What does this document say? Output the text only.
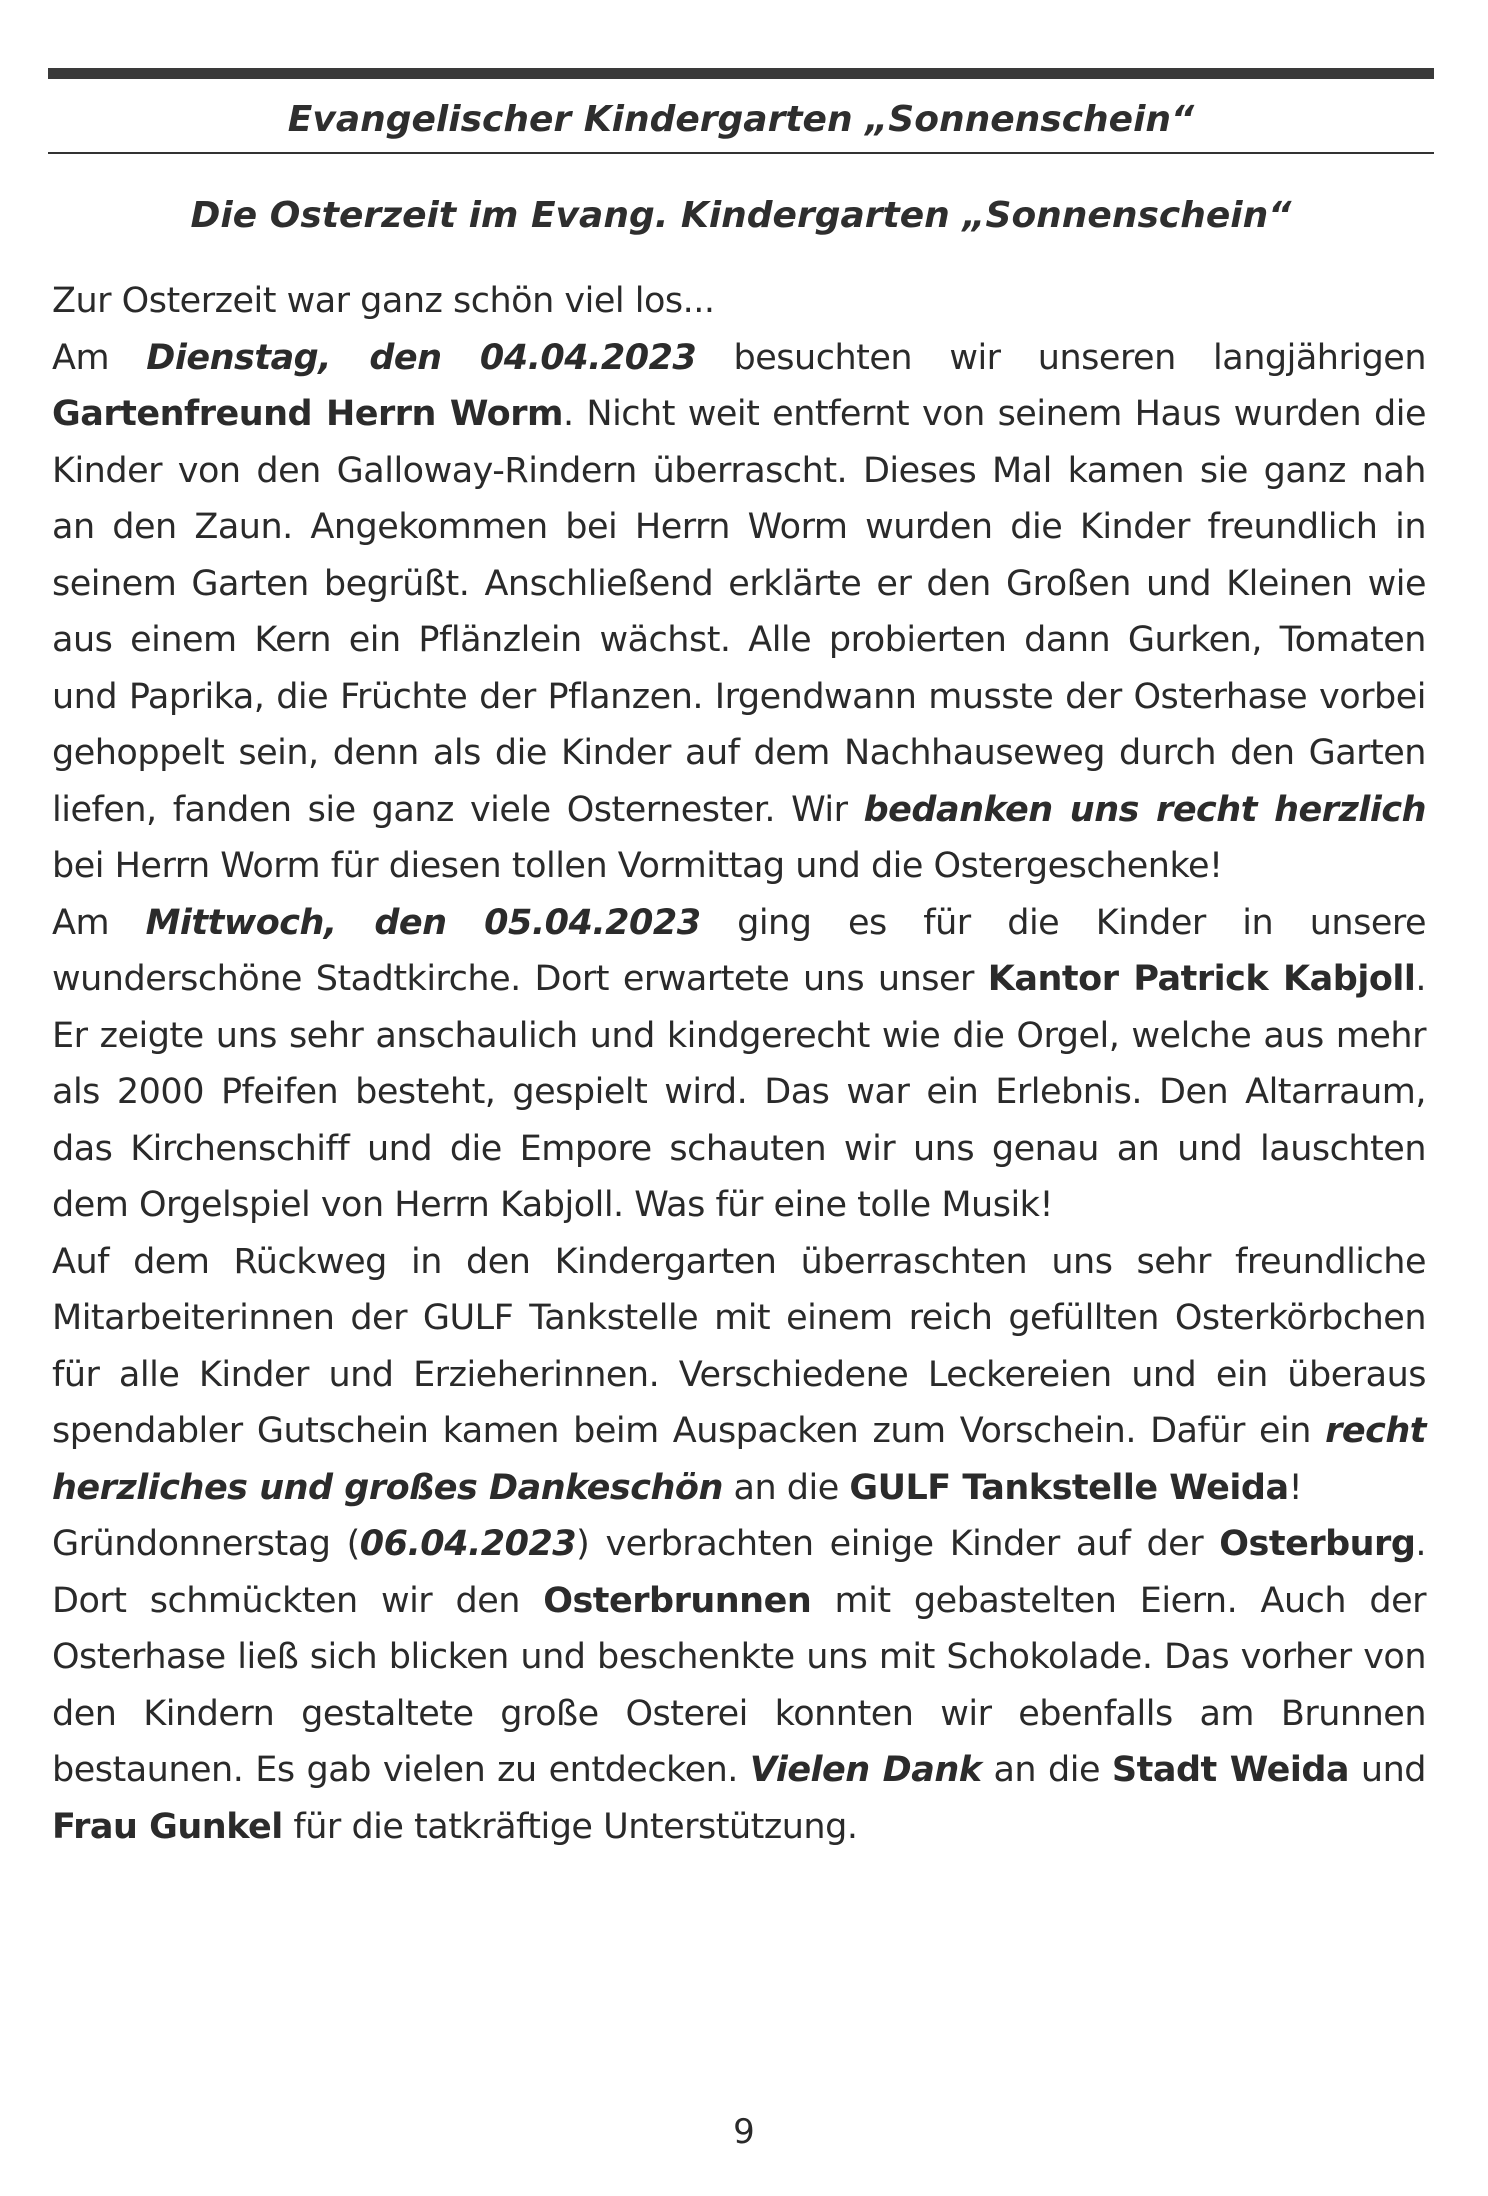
Evangelischer Kindergarten „Sonnenschein“
Die Osterzeit im Evang. Kindergarten „Sonnenschein“

Zur Osterzeit war ganz schön viel los...

Am Dienstag, den 04.04.2023 besuchten wir unseren langjährigen Gartenfreund Herrn Worm. Nicht weit entfernt von seinem Haus wurden die Kinder von den Galloway-Rindern überrascht. Dieses Mal kamen sie ganz nah an den Zaun. Angekommen bei Herrn Worm wurden die Kinder freundlich in seinem Garten begrüßt. Anschließend erklärte er den Großen und Kleinen wie aus einem Kern ein Pflänzlein wächst. Alle probierten dann Gurken, Tomaten und Paprika, die Früchte der Pflanzen. Irgendwann musste der Osterhase vorbei gehoppelt sein, denn als die Kinder auf dem Nachhauseweg durch den Garten liefen, fanden sie ganz viele Osternester. Wir bedanken uns recht herzlich bei Herrn Worm für diesen tollen Vormittag und die Ostergeschenke!

Am Mittwoch, den 05.04.2023 ging es für die Kinder in unsere wunderschöne Stadtkirche. Dort erwartete uns unser Kantor Patrick Kabjoll. Er zeigte uns sehr anschaulich und kindgerecht wie die Orgel, welche aus mehr als 2000 Pfeifen besteht, gespielt wird. Das war ein Erlebnis. Den Altarraum, das Kirchenschiff und die Empore schauten wir uns genau an und lauschten dem Orgelspiel von Herrn Kabjoll. Was für eine tolle Musik!

Auf dem Rückweg in den Kindergarten überraschten uns sehr freundliche Mitarbeiterinnen der GULF Tankstelle mit einem reich gefüllten Osterkörbchen für alle Kinder und Erzieherinnen. Verschiedene Leckereien und ein überaus spendabler Gutschein kamen beim Auspacken zum Vorschein. Dafür ein recht herzliches und großes Dankeschön an die GULF Tankstelle Weida!

Gründonnerstag (06.04.2023) verbrachten einige Kinder auf der Osterburg. Dort schmückten wir den Osterbrunnen mit gebastelten Eiern. Auch der Osterhase ließ sich blicken und beschenkte uns mit Schokolade. Das vorher von den Kindern gestaltete große Osterei konnten wir ebenfalls am Brunnen bestaunen. Es gab vielen zu entdecken. Vielen Dank an die Stadt Weida und Frau Gunkel für die tatkräftige Unterstützung.

9
